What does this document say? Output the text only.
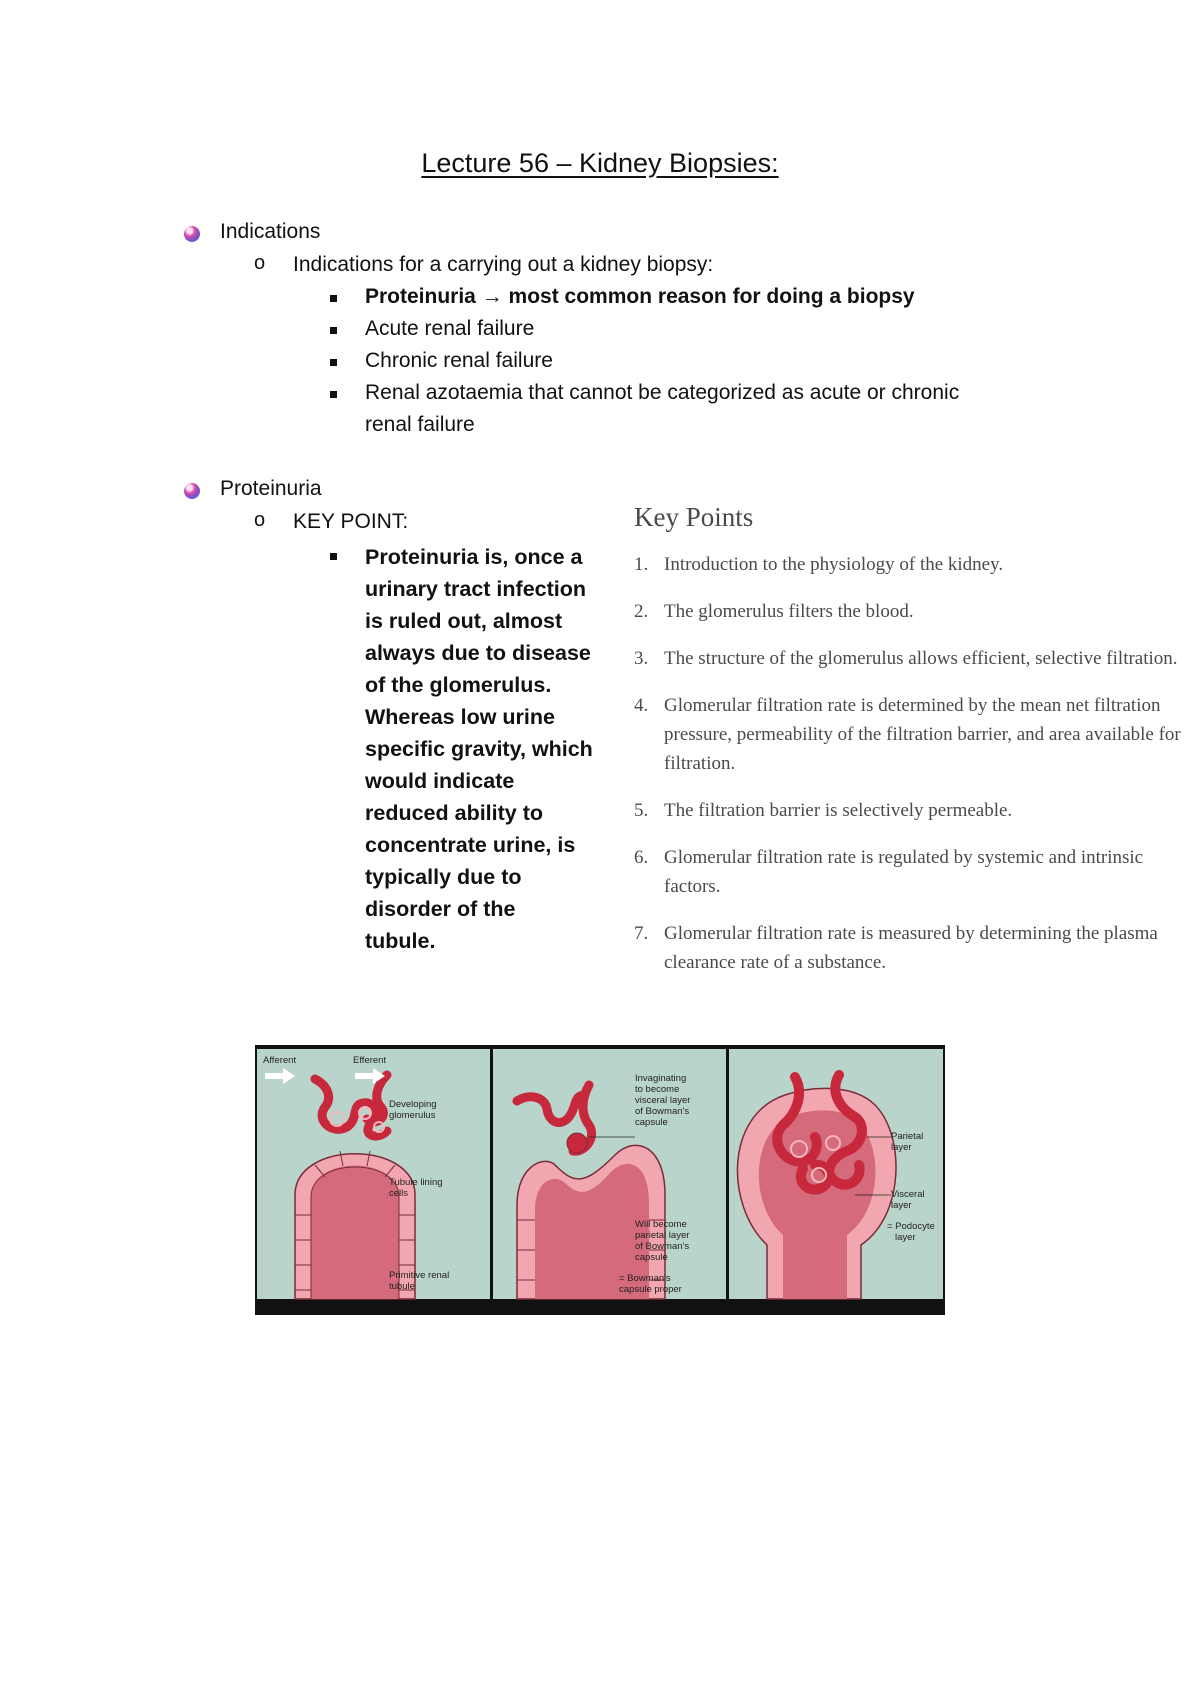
Lecture 56 – Kidney Biopsies:
Indications
o Indications for a carrying out a kidney biopsy:
Proteinuria → most common reason for doing a biopsy
Acute renal failure
Chronic renal failure
Renal azotaemia that cannot be categorized as acute or chronic
renal failure
Proteinuria
o KEY POINT:
Proteinuria is, once a
urinary tract infection
is ruled out, almost
always due to disease
of the glomerulus.
Whereas low urine
specific gravity, which
would indicate
reduced ability to
concentrate urine, is
typically due to
disorder of the
tubule.
Key Points
1. Introduction to the physiology of the kidney.
2. The glomerulus filters the blood.
3. The structure of the glomerulus allows efficient, selective filtration.
4. Glomerular filtration rate is determined by the mean net filtration pressure, permeability of the filtration barrier, and area available for filtration.
5. The filtration barrier is selectively permeable.
6. Glomerular filtration rate is regulated by systemic and intrinsic factors.
7. Glomerular filtration rate is measured by determining the plasma clearance rate of a substance.
Afferent	Efferent
Developing
glomerulus
Tubule lining
cells
Primitive renal
tubule
Invaginating
to become
visceral layer
of Bowman's
capsule
Will become
parietal layer
of Bowman's
capsule
= Bowman's
capsule proper
Parietal
layer
Visceral
layer
= Podocyte
layer
